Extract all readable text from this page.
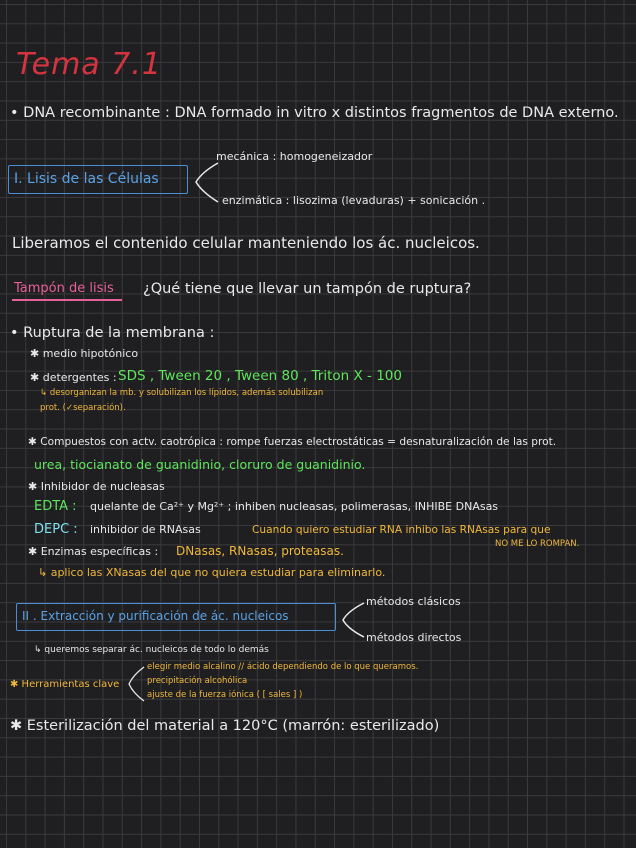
Tema 7.1
• DNA recombinante : DNA formado in vitro x distintos fragmentos de DNA externo.
I. Lisis de las Células
mecánica : homogeneizador
enzimática : lisozima (levaduras) + sonicación .
Liberamos el contenido celular manteniendo los ác. nucleicos.
Tampón de lisis ¿Qué tiene que llevar un tampón de ruptura?
• Ruptura de la membrana :
✱ medio hipotónico
✱ detergentes : SDS , Tween 20 , Tween 80 , Triton X - 100
↳ desorganizan la mb. y solubilizan los lípidos, además solubilizan
prot. (✓separación).
✱ Compuestos con actv. caotrópica : rompe fuerzas electrostáticas = desnaturalización de las prot.
urea, tiocianato de guanidinio, cloruro de guanidinio.
✱ Inhibidor de nucleasas
EDTA : quelante de Ca²⁺ y Mg²⁺ ; inhiben nucleasas, polimerasas, INHIBE DNAsas
DEPC : inhibidor de RNAsas	Cuando quiero estudiar RNA inhibo las RNAsas para que
NO ME LO ROMPAN.
✱ Enzimas específicas : DNasas, RNasas, proteasas.
↳ aplico las XNasas del que no quiera estudiar para eliminarlo.
II . Extracción y purificación de ác. nucleicos
métodos clásicos
métodos directos
↳ queremos separar ác. nucleicos de todo lo demás
✱ Herramientas clave
elegir medio alcalino // ácido dependiendo de lo que queramos.
precipitación alcohólica
ajuste de la fuerza iónica ( [ sales ] )
✱ Esterilización del material a 120°C (marrón: esterilizado)
